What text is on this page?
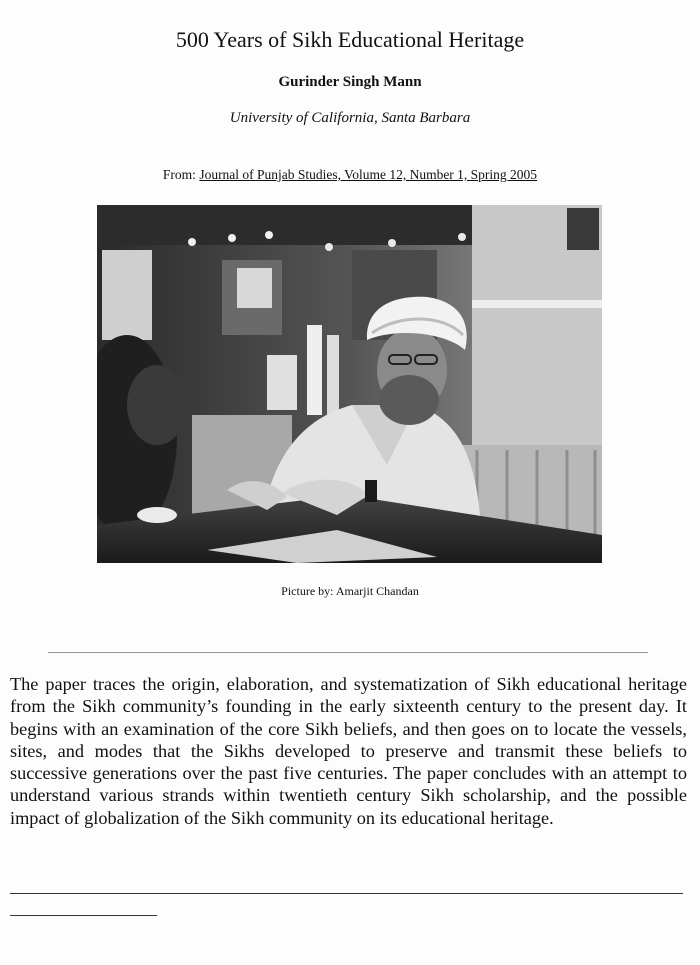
500 Years of Sikh Educational Heritage
Gurinder Singh Mann
University of California, Santa Barbara
From: Journal of Punjab Studies, Volume 12, Number 1, Spring 2005
Picture by: Amarjit Chandan

The paper traces the origin, elaboration, and systematization of Sikh educational heritage from the Sikh community’s founding in the early sixteenth century to the present day. It begins with an examination of the core Sikh beliefs, and then goes on to locate the vessels, sites, and modes that the Sikhs developed to preserve and transmit these beliefs to successive generations over the past five centuries. The paper concludes with an attempt to understand various strands within twentieth century Sikh scholarship, and the possible impact of globalization of the Sikh community on its educational heritage.
